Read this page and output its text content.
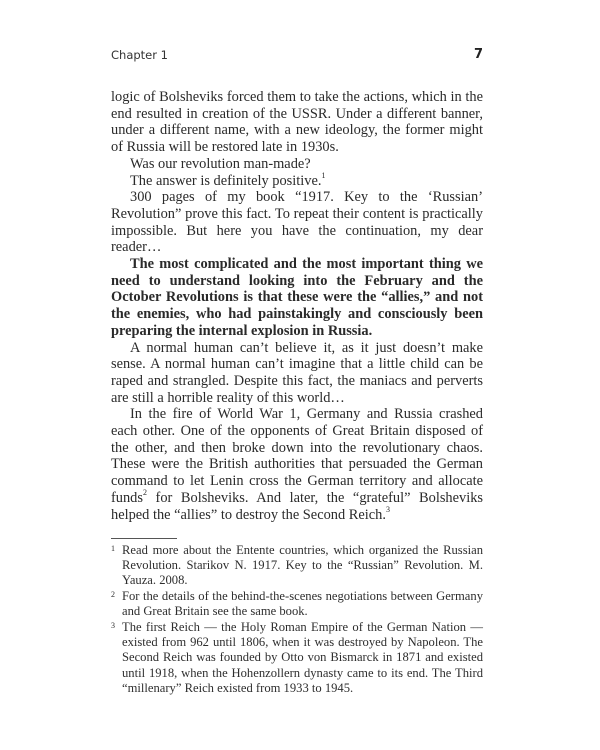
Chapter 1	7

logic of Bolsheviks forced them to take the actions, which in the end resulted in creation of the USSR. Under a different banner, under a different name, with a new ideology, the former might of Russia will be restored late in 1930s.

Was our revolution man-made?

The answer is definitely positive.$^1$

300 pages of my book “1917. Key to the ‘Russian’ Revolution” prove this fact. To repeat their content is practically impossible. But here you have the continuation, my dear reader…

The most complicated and the most important thing we need to understand looking into the February and the October Revolutions is that these were the “allies,” and not the enemies, who had painstakingly and consciously been preparing the internal explosion in Russia.

A normal human can’t believe it, as it just doesn’t make sense. A normal human can’t imagine that a little child can be raped and strangled. Despite this fact, the maniacs and perverts are still a horrible reality of this world…

In the fire of World War 1, Germany and Russia crashed each other. One of the opponents of Great Britain disposed of the other, and then broke down into the revolutionary chaos. These were the British authorities that persuaded the German command to let Lenin cross the German territory and allocate funds$^2$ for Bolsheviks. And later, the “grateful” Bolsheviks helped the “allies” to destroy the Second Reich.$^3$

1 Read more about the Entente countries, which organized the Russian Revolution. Starikov N. 1917. Key to the “Russian” Revolution. M. Yauza. 2008.
2 For the details of the behind-the-scenes negotiations between Germany and Great Britain see the same book.
3 The first Reich — the Holy Roman Empire of the German Nation — existed from 962 until 1806, when it was destroyed by Napoleon. The Second Reich was founded by Otto von Bismarck in 1871 and existed until 1918, when the Hohenzollern dynasty came to its end. The Third “millenary” Reich existed from 1933 to 1945.
